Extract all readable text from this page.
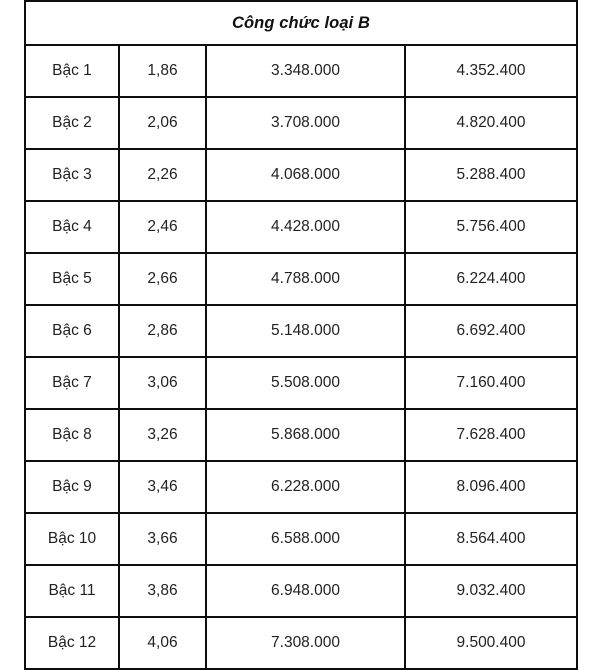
Công chức loại B			
Bậc 1	1,86	3.348.000	4.352.400
Bậc 2	2,06	3.708.000	4.820.400
Bậc 3	2,26	4.068.000	5.288.400
Bậc 4	2,46	4.428.000	5.756.400
Bậc 5	2,66	4.788.000	6.224.400
Bậc 6	2,86	5.148.000	6.692.400
Bậc 7	3,06	5.508.000	7.160.400
Bậc 8	3,26	5.868.000	7.628.400
Bậc 9	3,46	6.228.000	8.096.400
Bậc 10	3,66	6.588.000	8.564.400
Bậc 11	3,86	6.948.000	9.032.400
Bậc 12	4,06	7.308.000	9.500.400
